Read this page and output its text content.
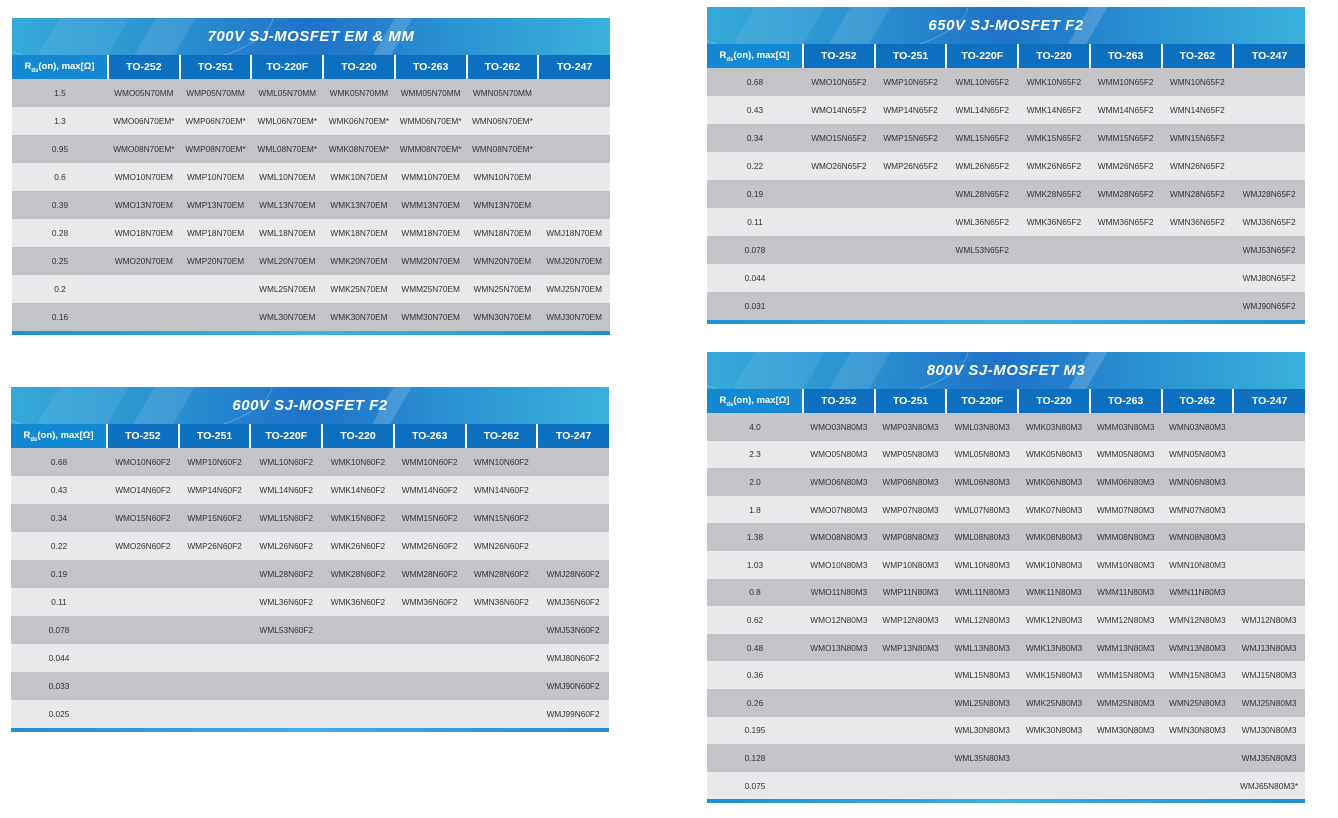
700V SJ-MOSFET EM & MM
$R_{ds}(on)$, max[Ω]	TO-252	TO-251	TO-220F	TO-220	TO-263	TO-262	TO-247
1.5	WMO05N70MM	WMP05N70MM	WML05N70MM	WMK05N70MM	WMM05N70MM	WMN05N70MM	
1.3	WMO06N70EM*	WMP06N70EM*	WML06N70EM*	WMK06N70EM*	WMM06N70EM*	WMN06N70EM*	
0.95	WMO08N70EM*	WMP08N70EM*	WML08N70EM*	WMK08N70EM*	WMM08N70EM*	WMN08N70EM*	
0.6	WMO10N70EM	WMP10N70EM	WML10N70EM	WMK10N70EM	WMM10N70EM	WMN10N70EM	
0.39	WMO13N70EM	WMP13N70EM	WML13N70EM	WMK13N70EM	WMM13N70EM	WMN13N70EM	
0.28	WMO18N70EM	WMP18N70EM	WML18N70EM	WMK18N70EM	WMM18N70EM	WMN18N70EM	WMJ18N70EM
0.25	WMO20N70EM	WMP20N70EM	WML20N70EM	WMK20N70EM	WMM20N70EM	WMN20N70EM	WMJ20N70EM
0.2			WML25N70EM	WMK25N70EM	WMM25N70EM	WMN25N70EM	WMJ25N70EM
0.16			WML30N70EM	WMK30N70EM	WMM30N70EM	WMN30N70EM	WMJ30N70EM
650V SJ-MOSFET F2
$R_{ds}(on)$, max[Ω]	TO-252	TO-251	TO-220F	TO-220	TO-263	TO-262	TO-247
0.68	WMO10N65F2	WMP10N65F2	WML10N65F2	WMK10N65F2	WMM10N65F2	WMN10N65F2	
0.43	WMO14N65F2	WMP14N65F2	WML14N65F2	WMK14N65F2	WMM14N65F2	WMN14N65F2	
0.34	WMO15N65F2	WMP15N65F2	WML15N65F2	WMK15N65F2	WMM15N65F2	WMN15N65F2	
0.22	WMO26N65F2	WMP26N65F2	WML26N65F2	WMK26N65F2	WMM26N65F2	WMN26N65F2	
0.19			WML28N65F2	WMK28N65F2	WMM28N65F2	WMN28N65F2	WMJ28N65F2
0.11			WML36N65F2	WMK36N65F2	WMM36N65F2	WMN36N65F2	WMJ36N65F2
0.078			WML53N65F2				WMJ53N65F2
0.044							WMJ80N65F2
0.031							WMJ90N65F2
600V SJ-MOSFET F2
$R_{ds}(on)$, max[Ω]	TO-252	TO-251	TO-220F	TO-220	TO-263	TO-262	TO-247
0.68	WMO10N60F2	WMP10N60F2	WML10N60F2	WMK10N60F2	WMM10N60F2	WMN10N60F2	
0.43	WMO14N60F2	WMP14N60F2	WML14N60F2	WMK14N60F2	WMM14N60F2	WMN14N60F2	
0.34	WMO15N60F2	WMP15N60F2	WML15N60F2	WMK15N60F2	WMM15N60F2	WMN15N60F2	
0.22	WMO26N60F2	WMP26N60F2	WML26N60F2	WMK26N60F2	WMM26N60F2	WMN26N60F2	
0.19			WML28N60F2	WMK28N60F2	WMM28N60F2	WMN28N60F2	WMJ28N60F2
0.11			WML36N60F2	WMK36N60F2	WMM36N60F2	WMN36N60F2	WMJ36N60F2
0.078			WML53N60F2				WMJ53N60F2
0.044							WMJ80N60F2
0.033							WMJ90N60F2
0.025							WMJ99N60F2
800V SJ-MOSFET M3
$R_{ds}(on)$, max[Ω]	TO-252	TO-251	TO-220F	TO-220	TO-263	TO-262	TO-247
4.0	WMO03N80M3	WMP03N80M3	WML03N80M3	WMK03N80M3	WMM03N80M3	WMN03N80M3	
2.3	WMO05N80M3	WMP05N80M3	WML05N80M3	WMK05N80M3	WMM05N80M3	WMN05N80M3	
2.0	WMO06N80M3	WMP06N80M3	WML06N80M3	WMK06N80M3	WMM06N80M3	WMN06N80M3	
1.8	WMO07N80M3	WMP07N80M3	WML07N80M3	WMK07N80M3	WMM07N80M3	WMN07N80M3	
1.38	WMO08N80M3	WMP08N80M3	WML08N80M3	WMK08N80M3	WMM08N80M3	WMN08N80M3	
1.03	WMO10N80M3	WMP10N80M3	WML10N80M3	WMK10N80M3	WMM10N80M3	WMN10N80M3	
0.8	WMO11N80M3	WMP11N80M3	WML11N80M3	WMK11N80M3	WMM11N80M3	WMN11N80M3	
0.62	WMO12N80M3	WMP12N80M3	WML12N80M3	WMK12N80M3	WMM12N80M3	WMN12N80M3	WMJ12N80M3
0.48	WMO13N80M3	WMP13N80M3	WML13N80M3	WMK13N80M3	WMM13N80M3	WMN13N80M3	WMJ13N80M3
0.36			WML15N80M3	WMK15N80M3	WMM15N80M3	WMN15N80M3	WMJ15N80M3
0.26			WML25N80M3	WMK25N80M3	WMM25N80M3	WMN25N80M3	WMJ25N80M3
0.195			WML30N80M3	WMK30N80M3	WMM30N80M3	WMN30N80M3	WMJ30N80M3
0.128			WML35N80M3				WMJ35N80M3
0.075							WMJ65N80M3*
